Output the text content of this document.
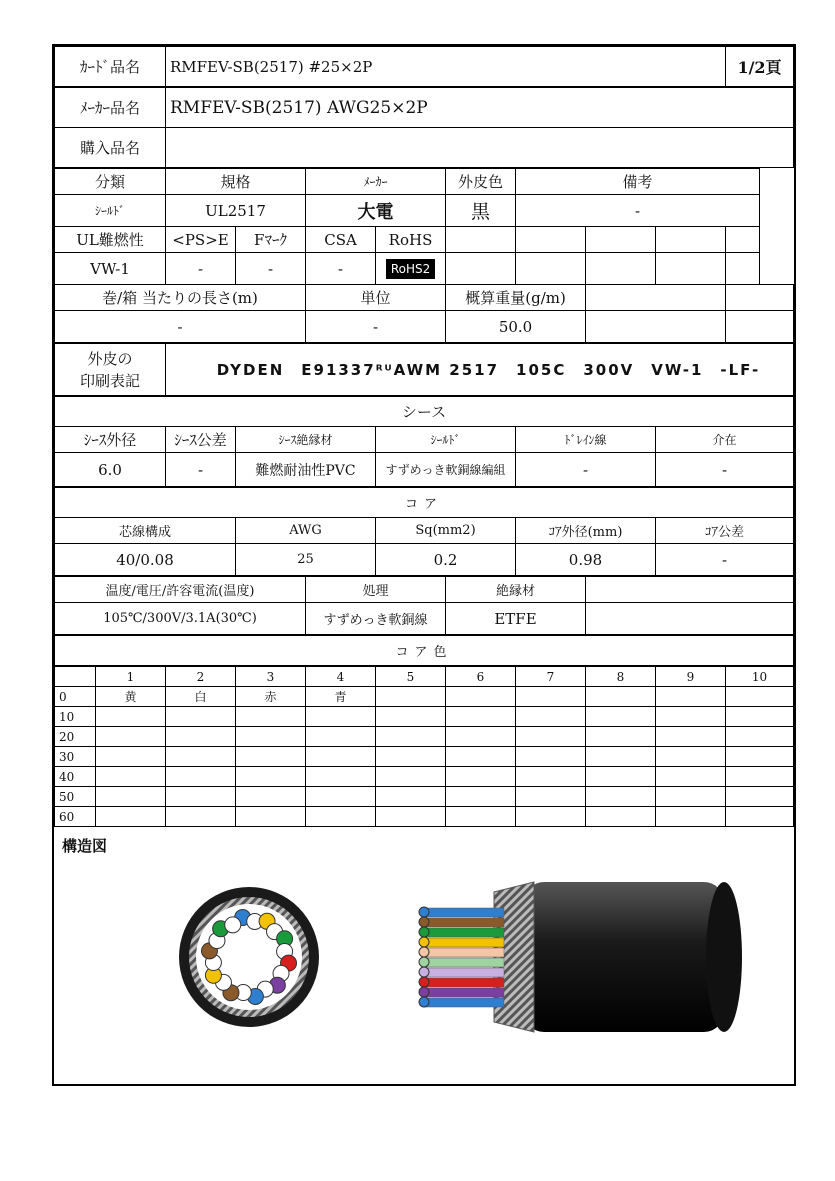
ｶｰﾄﾞ品名	RMFEV-SB(2517) #25×2P	1/2頁
ﾒｰｶｰ品名	RMFEV-SB(2517) AWG25×2P
購入品名	
分類	規格		ﾒｰｶｰ		外皮色	備考			
ｼｰﾙﾄﾞ	UL2517		大電		黒	-			
UL難燃性	<PS>E	Fﾏｰｸ	CSA	RoHS					
VW-1	-	-	-	RoHS2					
巻/箱 当たりの長さ(m)			単位		概算重量(g/m)				
-			-		50.0				
外皮の
印刷表記
	DYDEN　E91337ᴿᵁAWM 2517　105C　300V　VW-1　-LF-
シース					
ｼｰｽ外径	ｼｰｽ公差	ｼｰｽ絶縁材	ｼｰﾙﾄﾞ	ﾄﾞﾚｲﾝ線	介在
6.0	-	難燃耐油性PVC	すずめっき軟銅線編組	-	-
コア				
芯線構成	AWG	Sq(mm2)	ｺｱ外径(mm)	ｺｱ公差
40/0.08	25	0.2	0.98	-
温度/電圧/許容電流(温度)	処理	絶縁材	
105℃/300V/3.1A(30℃)	すずめっき軟銅線	ETFE	
コア色
	1	2	3	4	5	6	7	8	9	10
0	黄	白	赤	青						
10										
20										
30										
40										
50										
60										
構造図
